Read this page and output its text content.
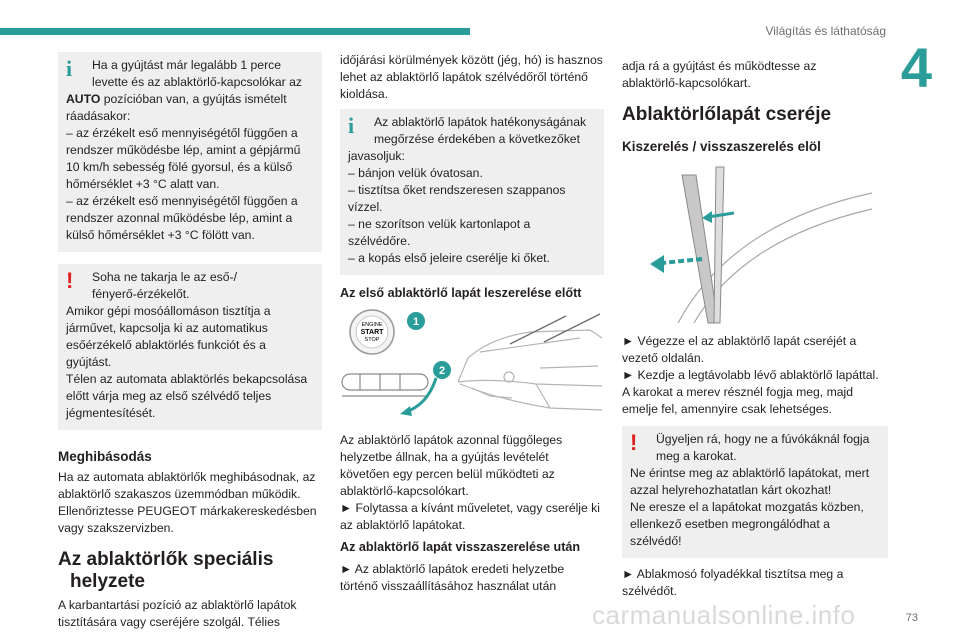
Világítás és láthatóság
4
i	Ha a gyújtást már legalább 1 perce

levette és az ablaktörlő-kapcsolókar az

AUTO pozícióban van, a gyújtás ismételt

ráadásakor:
– az érzékelt eső mennyiségétől függően a
rendszer működésbe lép, amint a gépjármű
10 km/h sebesség fölé gyorsul, és a külső
hőmérséklet +3 °C alatt van.
– az érzékelt eső mennyiségétől függően a
rendszer azonnal működésbe lép, amint a
külső hőmérséklet +3 °C fölött van.
!	Soha ne takarja le az eső-/

fényerő-érzékelőt.

Amikor gépi mosóállomáson tisztítja a
járművet, kapcsolja ki az automatikus
esőérzékelő ablaktörlés funkciót és a gyújtást.
Télen az automata ablaktörlés bekapcsolása
előtt várja meg az első szélvédő teljes
jégmentesítését.
Meghibásodás
Ha az automata ablaktörlők meghibásodnak, az
ablaktörlő szakaszos üzemmódban működik.
Ellenőriztesse PEUGEOT márkakereskedésben
vagy szakszervizben.
Az ablaktörlők speciális
helyzete
A karbantartási pozíció az ablaktörlő lapátok
tisztítására vagy cseréjére szolgál. Télies
időjárási körülmények között (jég, hó) is hasznos
lehet az ablaktörlő lapátok szélvédőről történő
kioldása.
i	Az ablaktörlő lapátok hatékonyságának

megőrzése érdekében a következőket

javasoljuk:
– bánjon velük óvatosan.
– tisztítsa őket rendszeresen szappanos
vízzel.
– ne szorítson velük kartonlapot a
szélvédőre.
– a kopás első jeleire cserélje ki őket.
Az első ablaktörlő lapát leszerelése előtt
ENGINE
START
STOP
1
2
Az ablaktörlő lapátok azonnal függőleges
helyzetbe állnak, ha a gyújtás levételét
követően egy percen belül működteti az
ablaktörlő-kapcsolókart.
► Folytassa a kívánt műveletet, vagy cserélje ki
az ablaktörlő lapátokat.
Az ablaktörlő lapát visszaszerelése után
► Az ablaktörlő lapátok eredeti helyzetbe
történő visszaállításához használat után
adja rá a gyújtást és működtesse az
ablaktörlő-kapcsolókart.
Ablaktörlőlapát cseréje
Kiszerelés / visszaszerelés elöl
► Végezze el az ablaktörlő lapát cseréjét a
vezető oldalán.
► Kezdje a legtávolabb lévő ablaktörlő lapáttal.
A karokat a merev résznél fogja meg, majd
emelje fel, amennyire csak lehetséges.
!	Ügyeljen rá, hogy ne a fúvókáknál fogja

meg a karokat.

Ne érintse meg az ablaktörlő lapátokat, mert
azzal helyrehozhatatlan kárt okozhat!
Ne eresze el a lapátokat mozgatás közben,
ellenkező esetben megrongálódhat a
szélvédő!
► Ablakmosó folyadékkal tisztítsa meg a
szélvédőt.
carmanualsonline.info	73
